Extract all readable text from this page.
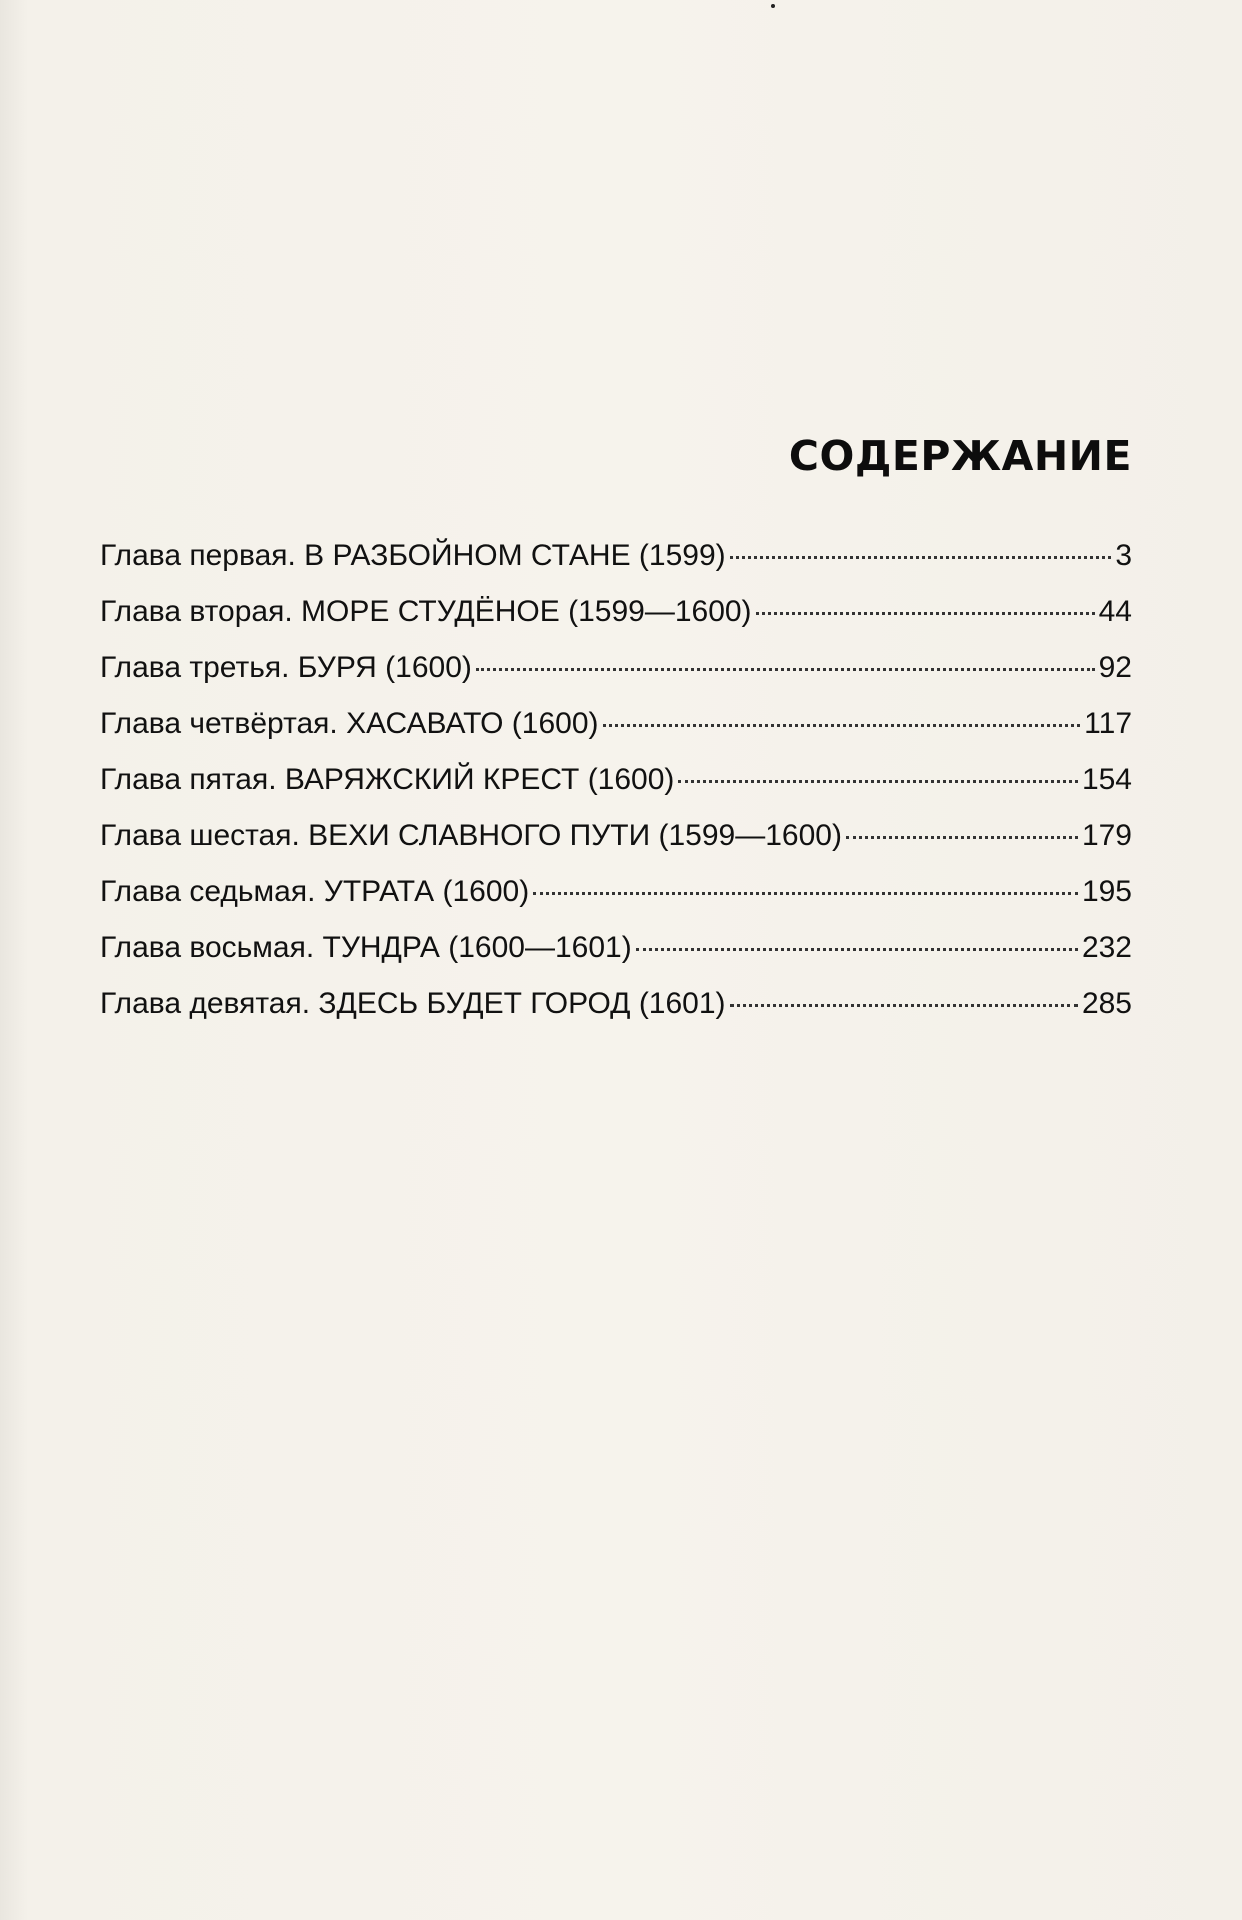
СОДЕРЖАНИЕ
Глава первая. В РАЗБОЙНОМ СТАНЕ (1599)	3
Глава вторая. МОРЕ СТУДЁНОЕ (1599—1600)	44
Глава третья. БУРЯ (1600)	92
Глава четвёртая. ХАСАВАТО (1600)	117
Глава пятая. ВАРЯЖСКИЙ КРЕСТ (1600)	154
Глава шестая. ВЕХИ СЛАВНОГО ПУТИ (1599—1600)	179
Глава седьмая. УТРАТА (1600)	195
Глава восьмая. ТУНДРА (1600—1601)	232
Глава девятая. ЗДЕСЬ БУДЕТ ГОРОД (1601)	285
